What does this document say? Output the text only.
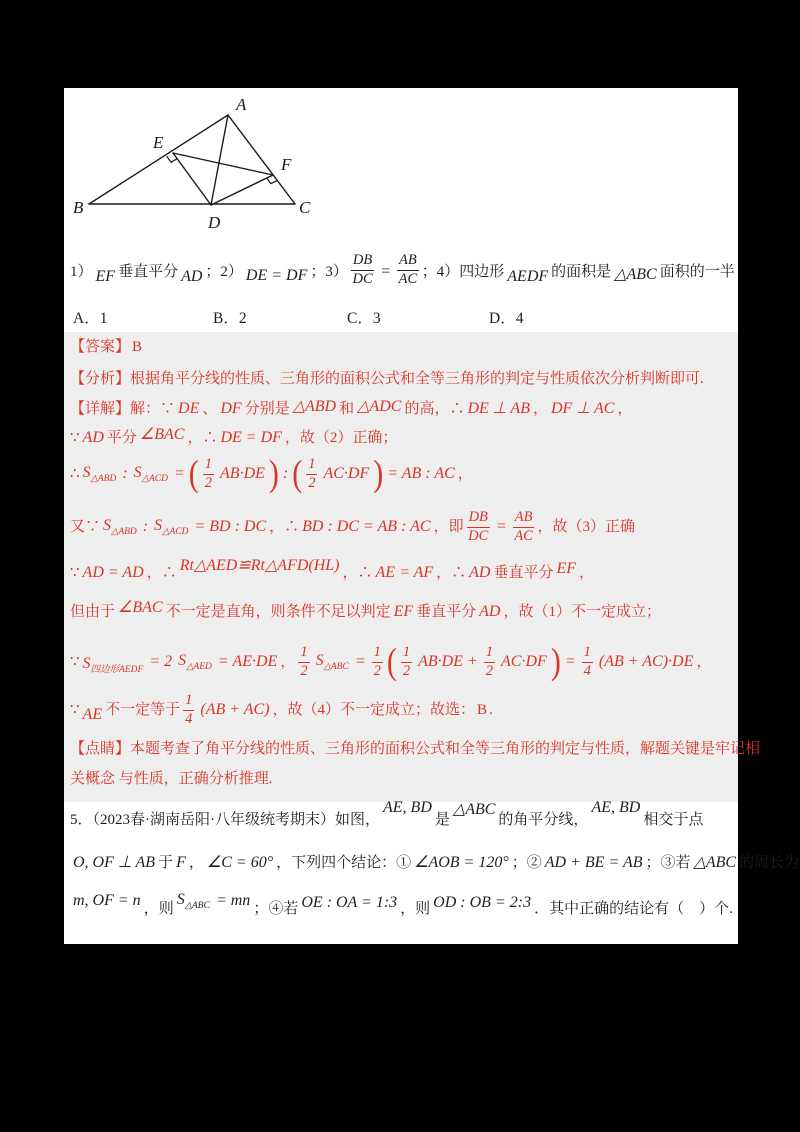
A
B	C
D
E
F
1） EF 垂直平分 AD ；2） DE = DF ；$3) \frac{DB}{DC} = \frac{AB}{AC}$ ；4）四边形 AEDF 的面积是 △ABC 面积的一半
A．1	B．2	C．3	D．4
【答案】 B
【分析】根据角平分线的性质、三角形的面积公式和全等三角形的判定与性质依次分析判断即可.
【详解】解：∵ DE 、 DF 分别是 △ABD 和 △ADC 的高，∴ DE ⊥ AB ， DF ⊥ AC ，
∵ AD 平分 ∠BAC ，∴ DE = DF ，故（2）正确；
∴ $S_{\triangle ABD}$ : $S_{\triangle ACD}$ = ( $\frac{1}{2} AB\cdot DE$ ) : ( $\frac{1}{2} AC\cdot DF$ ) = AB : AC ，
又∵ $S_{\triangle ABD}$ : $S_{\triangle ACD}$ = BD : DC ，∴ BD : DC = AB : AC ，即 $\frac{DB}{DC} = \frac{AB}{AC}$ ，故（3）正确
∵ AD = AD ，∴ Rt△AED≌Rt△AFD(HL) ，∴ AE = AF ，∴ AD 垂直平分 EF ，
但由于 ∠BAC 不一定是直角，则条件不足以判定 EF 垂直平分 AD ，故（1）不一定成立；
∵ $S_{四边形AEDF}$
= 2 $S_{\triangle AED} = AE\cdot DE$ ， $\frac{1}{2} S_{\triangle ABC} = \frac{1}{2}$ ( $\frac{1}{2} AB\cdot DE + \frac{1}{2} AC\cdot DF$ ) = $\frac{1}{4} (AB + AC)\cdot DE$ ，
∵ AE 不一定等于 $\frac{1}{4} (AB + AC)$ ，故（4）不一定成立；故选： B .
【点睛】本题考查了角平分线的性质、三角形的面积公式和全等三角形的判定与性质，解题关键是牢记相
关概念 与性质，正确分析推理.
5．（2023春·湖南岳阳·八年级统考期末）如图，
AE, BD
是
△ABC
的角平分线，
AE, BD
相交于点
O, OF ⊥ AB 于 F ， ∠C = 60° ，下列四个结论：① ∠AOB = 120° ；② AD + BE = AB ；③若 △ABC 的周长为
m, OF = n ，则
$S_{\triangle ABC}$ = mn ；④若 OE : OA = 1:3 ，则 OD : OB = 2:3 ．其中正确的结论有（　）个.
